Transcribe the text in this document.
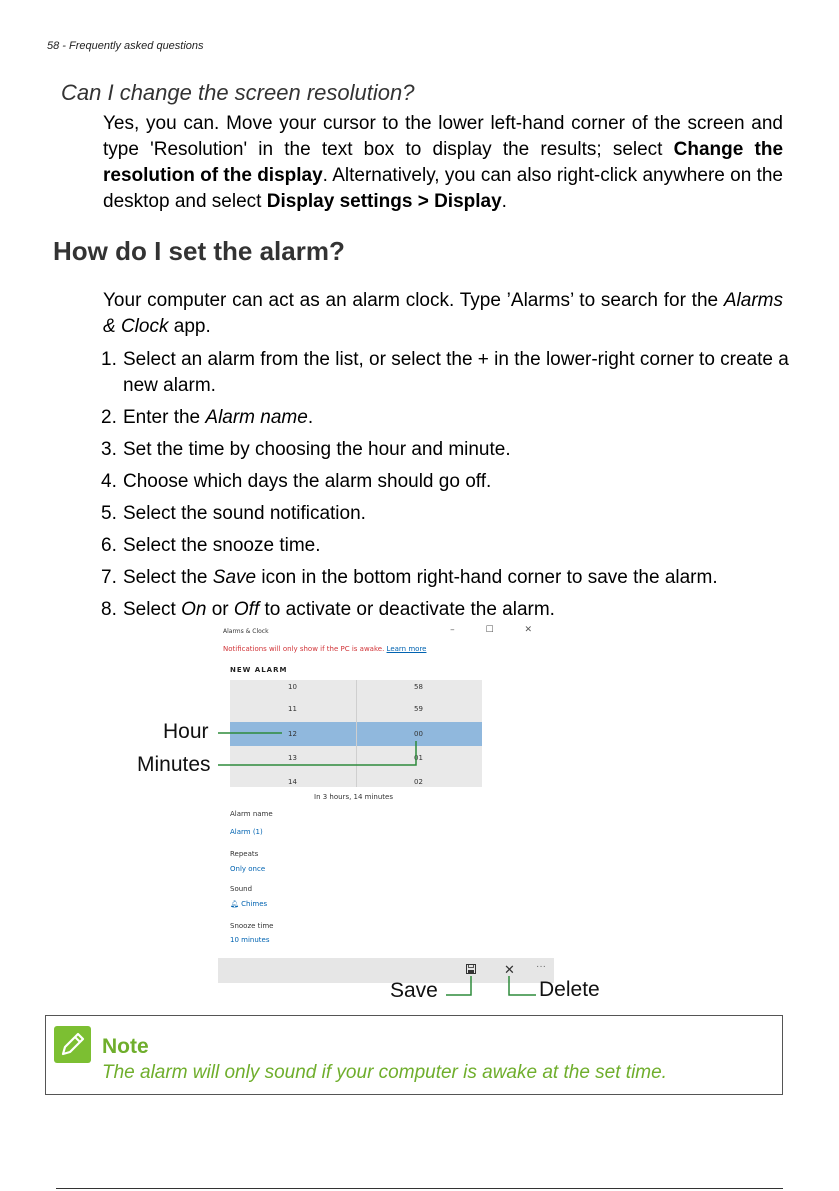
58 - Frequently asked questions
Can I change the screen resolution?
Yes, you can. Move your cursor to the lower left-hand corner of the screen and type 'Resolution' in the text box to display the results; select Change the resolution of the display. Alternatively, you can also right-click anywhere on the desktop and select Display settings > Display.
How do I set the alarm?
Your computer can act as an alarm clock. Type ’Alarms’ to search for the Alarms & Clock app.
1. Select an alarm from the list, or select the + in the lower-right corner to create a new alarm.
2. Enter the Alarm name.
3. Set the time by choosing the hour and minute.
4. Choose which days the alarm should go off.
5. Select the sound notification.
6. Select the snooze time.
7. Select the Save icon in the bottom right-hand corner to save the alarm.
8. Select On or Off to activate or deactivate the alarm.
Alarms & Clock	– ☐ ✕
Notifications will only show if the PC is awake. Learn more
NEW ALARM
10
11
12
13
14
58
59
00
01
02
In 3 hours, 14 minutes
Alarm name
Alarm (1)
Repeats
Only once
Sound
🔔︎ Chimes
Snooze time
10 minutes
✕ ···
Hour
Minutes
Save	Delete
Note
The alarm will only sound if your computer is awake at the set time.
